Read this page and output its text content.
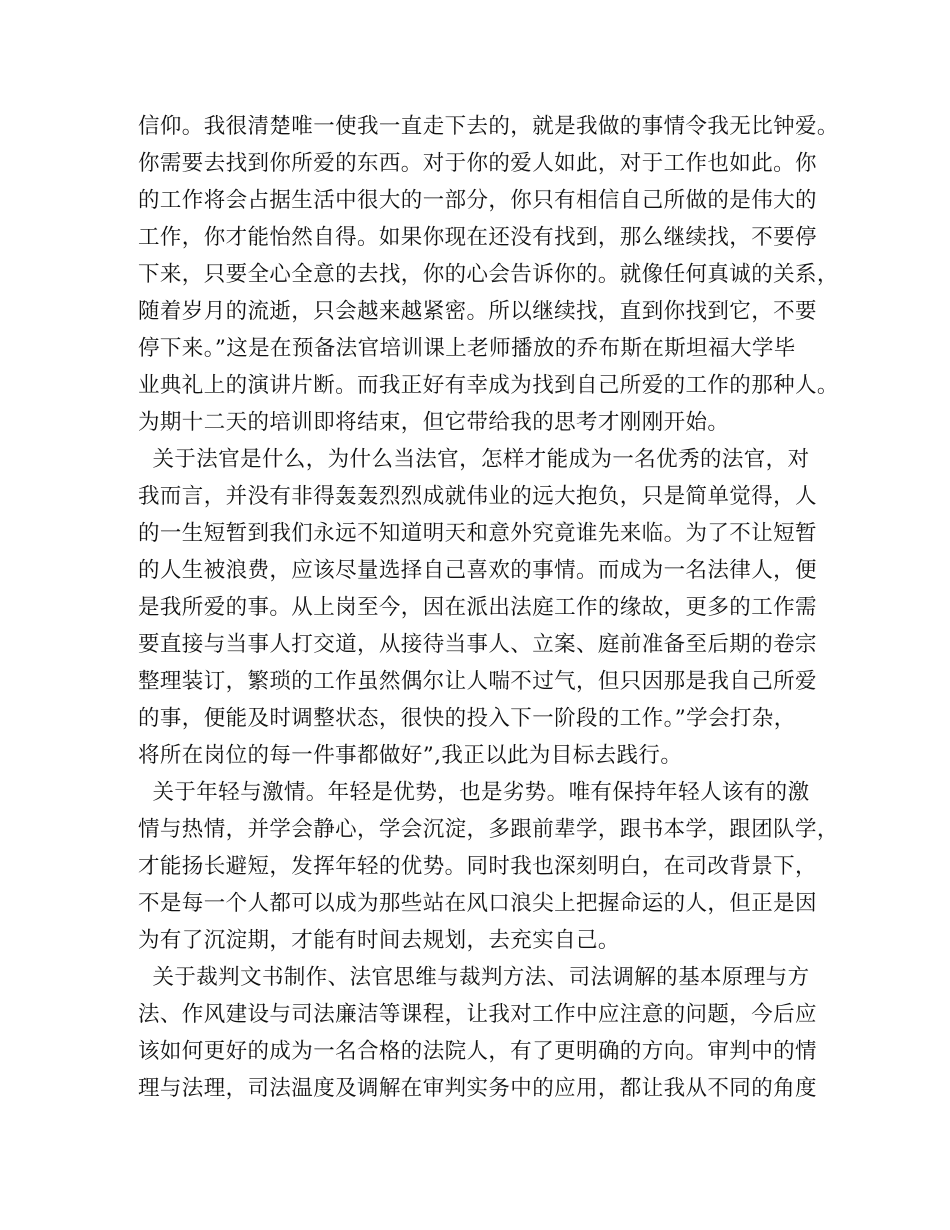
信仰。我很清楚唯一使我一直走下去的，就是我做的事情令我无比钟爱。
你需要去找到你所爱的东西。对于你的爱人如此，对于工作也如此。你
的工作将会占据生活中很大的一部分，你只有相信自己所做的是伟大的
工作，你才能怡然自得。如果你现在还没有找到，那么继续找，不要停
下来，只要全心全意的去找，你的心会告诉你的。就像任何真诚的关系，
随着岁月的流逝，只会越来越紧密。所以继续找，直到你找到它，不要
停下来。”这是在预备法官培训课上老师播放的乔布斯在斯坦福大学毕
业典礼上的演讲片断。而我正好有幸成为找到自己所爱的工作的那种人。
为期十二天的培训即将结束，但它带给我的思考才刚刚开始。
关于法官是什么，为什么当法官，怎样才能成为一名优秀的法官，对
我而言，并没有非得轰轰烈烈成就伟业的远大抱负，只是简单觉得，人
的一生短暂到我们永远不知道明天和意外究竟谁先来临。为了不让短暂
的人生被浪费，应该尽量选择自己喜欢的事情。而成为一名法律人，便
是我所爱的事。从上岗至今，因在派出法庭工作的缘故，更多的工作需
要直接与当事人打交道，从接待当事人、立案、庭前准备至后期的卷宗
整理装订，繁琐的工作虽然偶尔让人喘不过气，但只因那是我自己所爱
的事，便能及时调整状态，很快的投入下一阶段的工作。”学会打杂，
将所在岗位的每一件事都做好”,我正以此为目标去践行。
关于年轻与激情。年轻是优势，也是劣势。唯有保持年轻人该有的激
情与热情，并学会静心，学会沉淀，多跟前辈学，跟书本学，跟团队学，
才能扬长避短，发挥年轻的优势。同时我也深刻明白，在司改背景下，
不是每一个人都可以成为那些站在风口浪尖上把握命运的人，但正是因
为有了沉淀期，才能有时间去规划，去充实自己。
关于裁判文书制作、法官思维与裁判方法、司法调解的基本原理与方
法、作风建设与司法廉洁等课程，让我对工作中应注意的问题，今后应
该如何更好的成为一名合格的法院人，有了更明确的方向。审判中的情
理与法理，司法温度及调解在审判实务中的应用，都让我从不同的角度
